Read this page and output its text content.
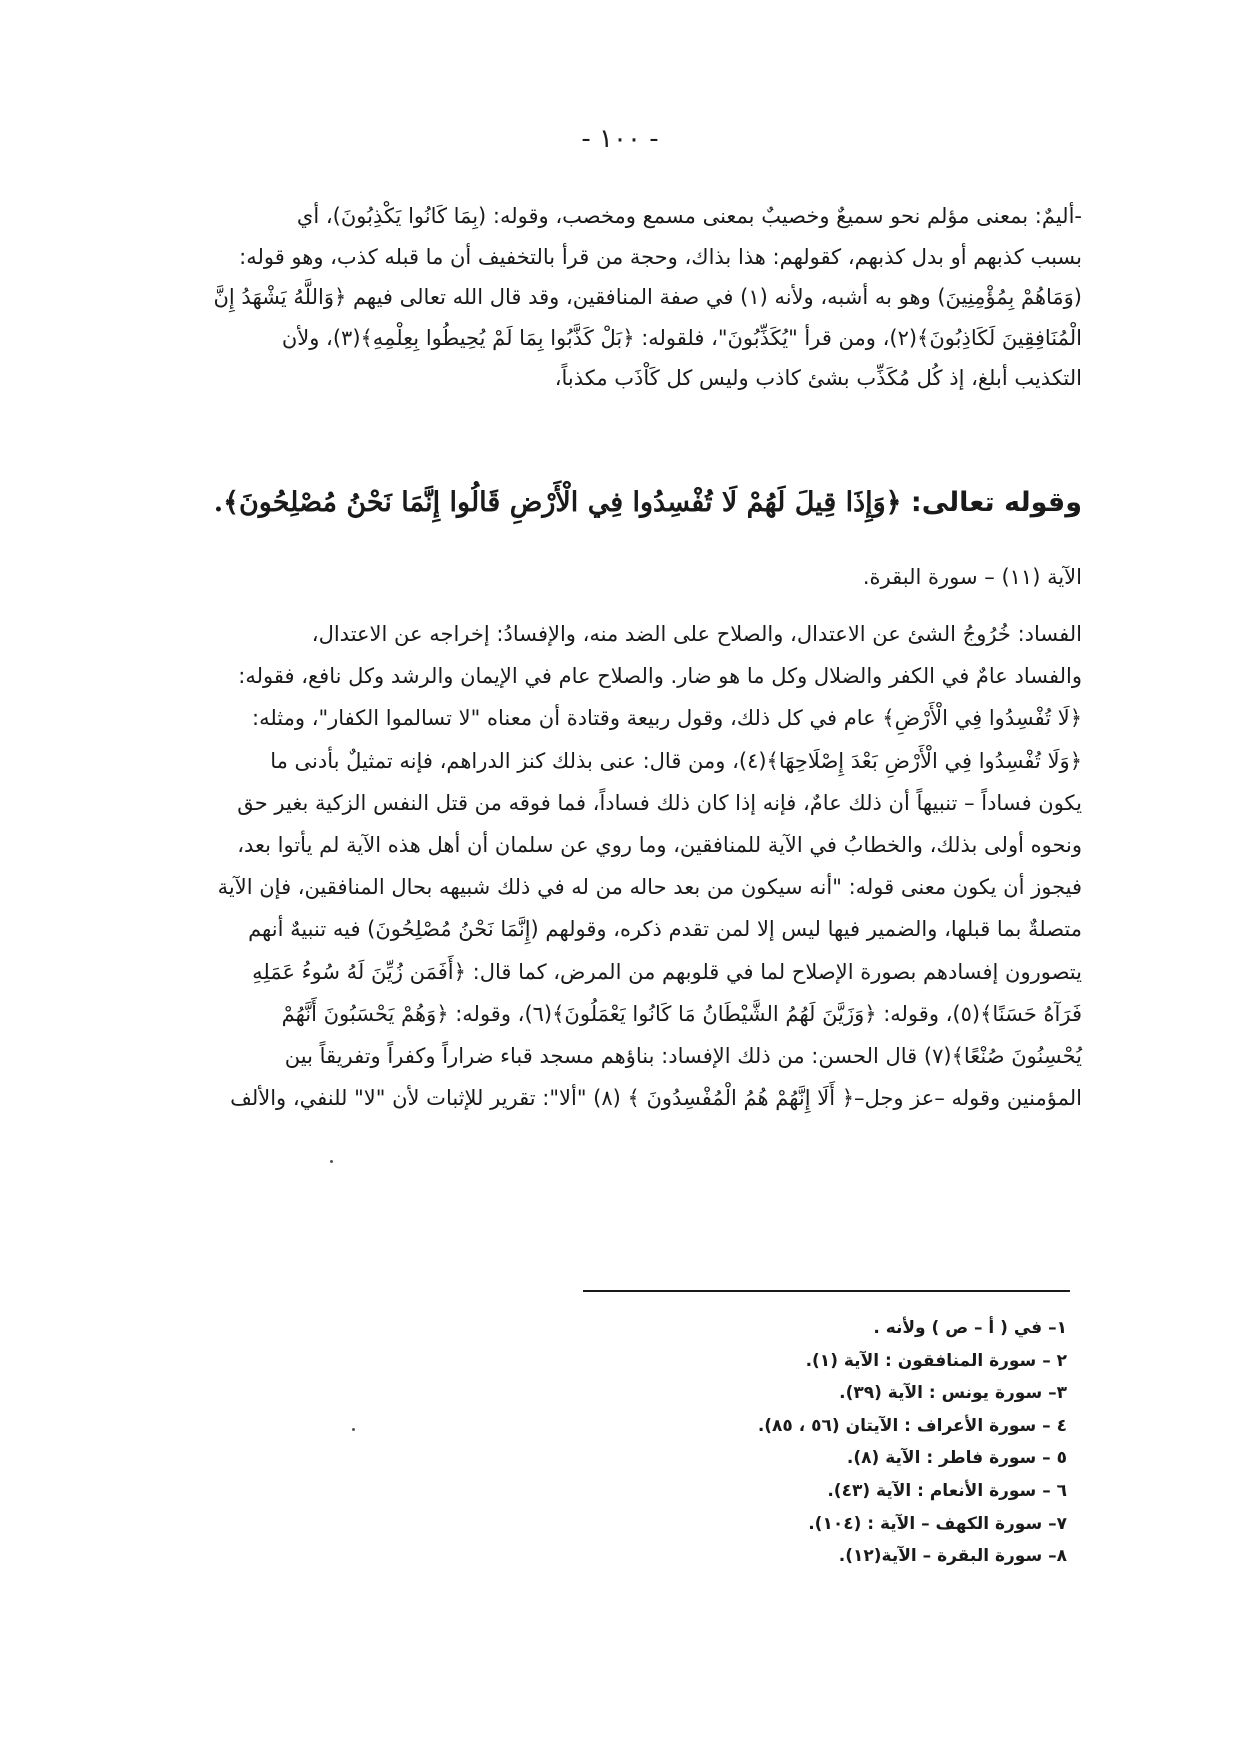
- ١٠٠ -

-أليمٌ: بمعنى مؤلم نحو سميعٌ وخصيبٌ بمعنى مسمع ومخصب، وقوله: (بِمَا كَانُوا يَكْذِبُونَ)، أي

بسبب كذبهم أو بدل كذبهم، كقولهم: هذا بذاك، وحجة من قرأ بالتخفيف أن ما قبله كذب، وهو قوله:

(وَمَاهُمْ بِمُؤْمِنِينَ) وهو به أشبه، ولأنه (١) في صفة المنافقين، وقد قال الله تعالى فيهم ﴿وَاللَّهُ يَشْهَدُ إِنَّ

الْمُنَافِقِينَ لَكَاذِبُونَ﴾(٢)، ومن قرأ "يُكَذِّبُونَ"، فلقوله: ﴿بَلْ كَذَّبُوا بِمَا لَمْ يُحِيطُوا بِعِلْمِهِ﴾(٣)، ولأن

التكذيب أبلغ، إذ كُل مُكَذِّب بشئ كاذب وليس كل كَاْذَب مكذباً،

وقوله تعالى: ﴿وَإِذَا قِيلَ لَهُمْ لَا تُفْسِدُوا فِي الْأَرْضِ قَالُوا إِنَّمَا نَحْنُ مُصْلِحُونَ﴾.
الآية (١١) – سورة البقرة.

الفساد: خُرُوجُ الشئ عن الاعتدال، والصلاح على الضد منه، والإفسادُ: إخراجه عن الاعتدال،

والفساد عامٌ في الكفر والضلال وكل ما هو ضار. والصلاح عام في الإيمان والرشد وكل نافع، فقوله:

﴿لَا تُفْسِدُوا فِي الْأَرْضِ﴾ عام في كل ذلك، وقول ربيعة وقتادة أن معناه "لا تسالموا الكفار"، ومثله:

﴿وَلَا تُفْسِدُوا فِي الْأَرْضِ بَعْدَ إِصْلَاحِهَا﴾(٤)، ومن قال: عنى بذلك كنز الدراهم، فإنه تمثيلٌ بأدنى ما

يكون فساداً – تنبيهاً أن ذلك عامٌ، فإنه إذا كان ذلك فساداً، فما فوقه من قتل النفس الزكية بغير حق

ونحوه أولى بذلك، والخطابُ في الآية للمنافقين، وما روي عن سلمان أن أهل هذه الآية لم يأتوا بعد،

فيجوز أن يكون معنى قوله: "أنه سيكون من بعد حاله من له في ذلك شبيهه بحال المنافقين، فإن الآية

متصلةٌ بما قبلها، والضمير فيها ليس إلا لمن تقدم ذكره، وقولهم (إِنَّمَا نَحْنُ مُصْلِحُونَ) فيه تنبيهٌ أنهم

يتصورون إفسادهم بصورة الإصلاح لما في قلوبهم من المرض، كما قال: ﴿أَفَمَن زُيِّنَ لَهُ سُوءُ عَمَلِهِ

فَرَآهُ حَسَنًا﴾(٥)، وقوله: ﴿وَزَيَّنَ لَهُمُ الشَّيْطَانُ مَا كَانُوا يَعْمَلُونَ﴾(٦)، وقوله: ﴿وَهُمْ يَحْسَبُونَ أَنَّهُمْ

يُحْسِنُونَ صُنْعًا﴾(٧) قال الحسن: من ذلك الإفساد: بناؤهم مسجد قباء ضراراً وكفراً وتفريقاً بين

المؤمنين وقوله –عز وجل–﴿ أَلَا إِنَّهُمْ هُمُ الْمُفْسِدُونَ ﴾ (٨) "ألا": تقرير للإثبات لأن "لا" للنفي، والألف

١– في ( أ – ص ) ولأنه .
٢ – سورة المنافقون : الآية (١).
٣– سورة يونس : الآية (٣٩).
٤ – سورة الأعراف : الآيتان (٥٦ ، ٨٥).
٥ – سورة فاطر : الآية (٨).
٦ – سورة الأنعام : الآية (٤٣).
٧– سورة الكهف – الآية : (١٠٤).
٨– سورة البقرة – الآية(١٢).
